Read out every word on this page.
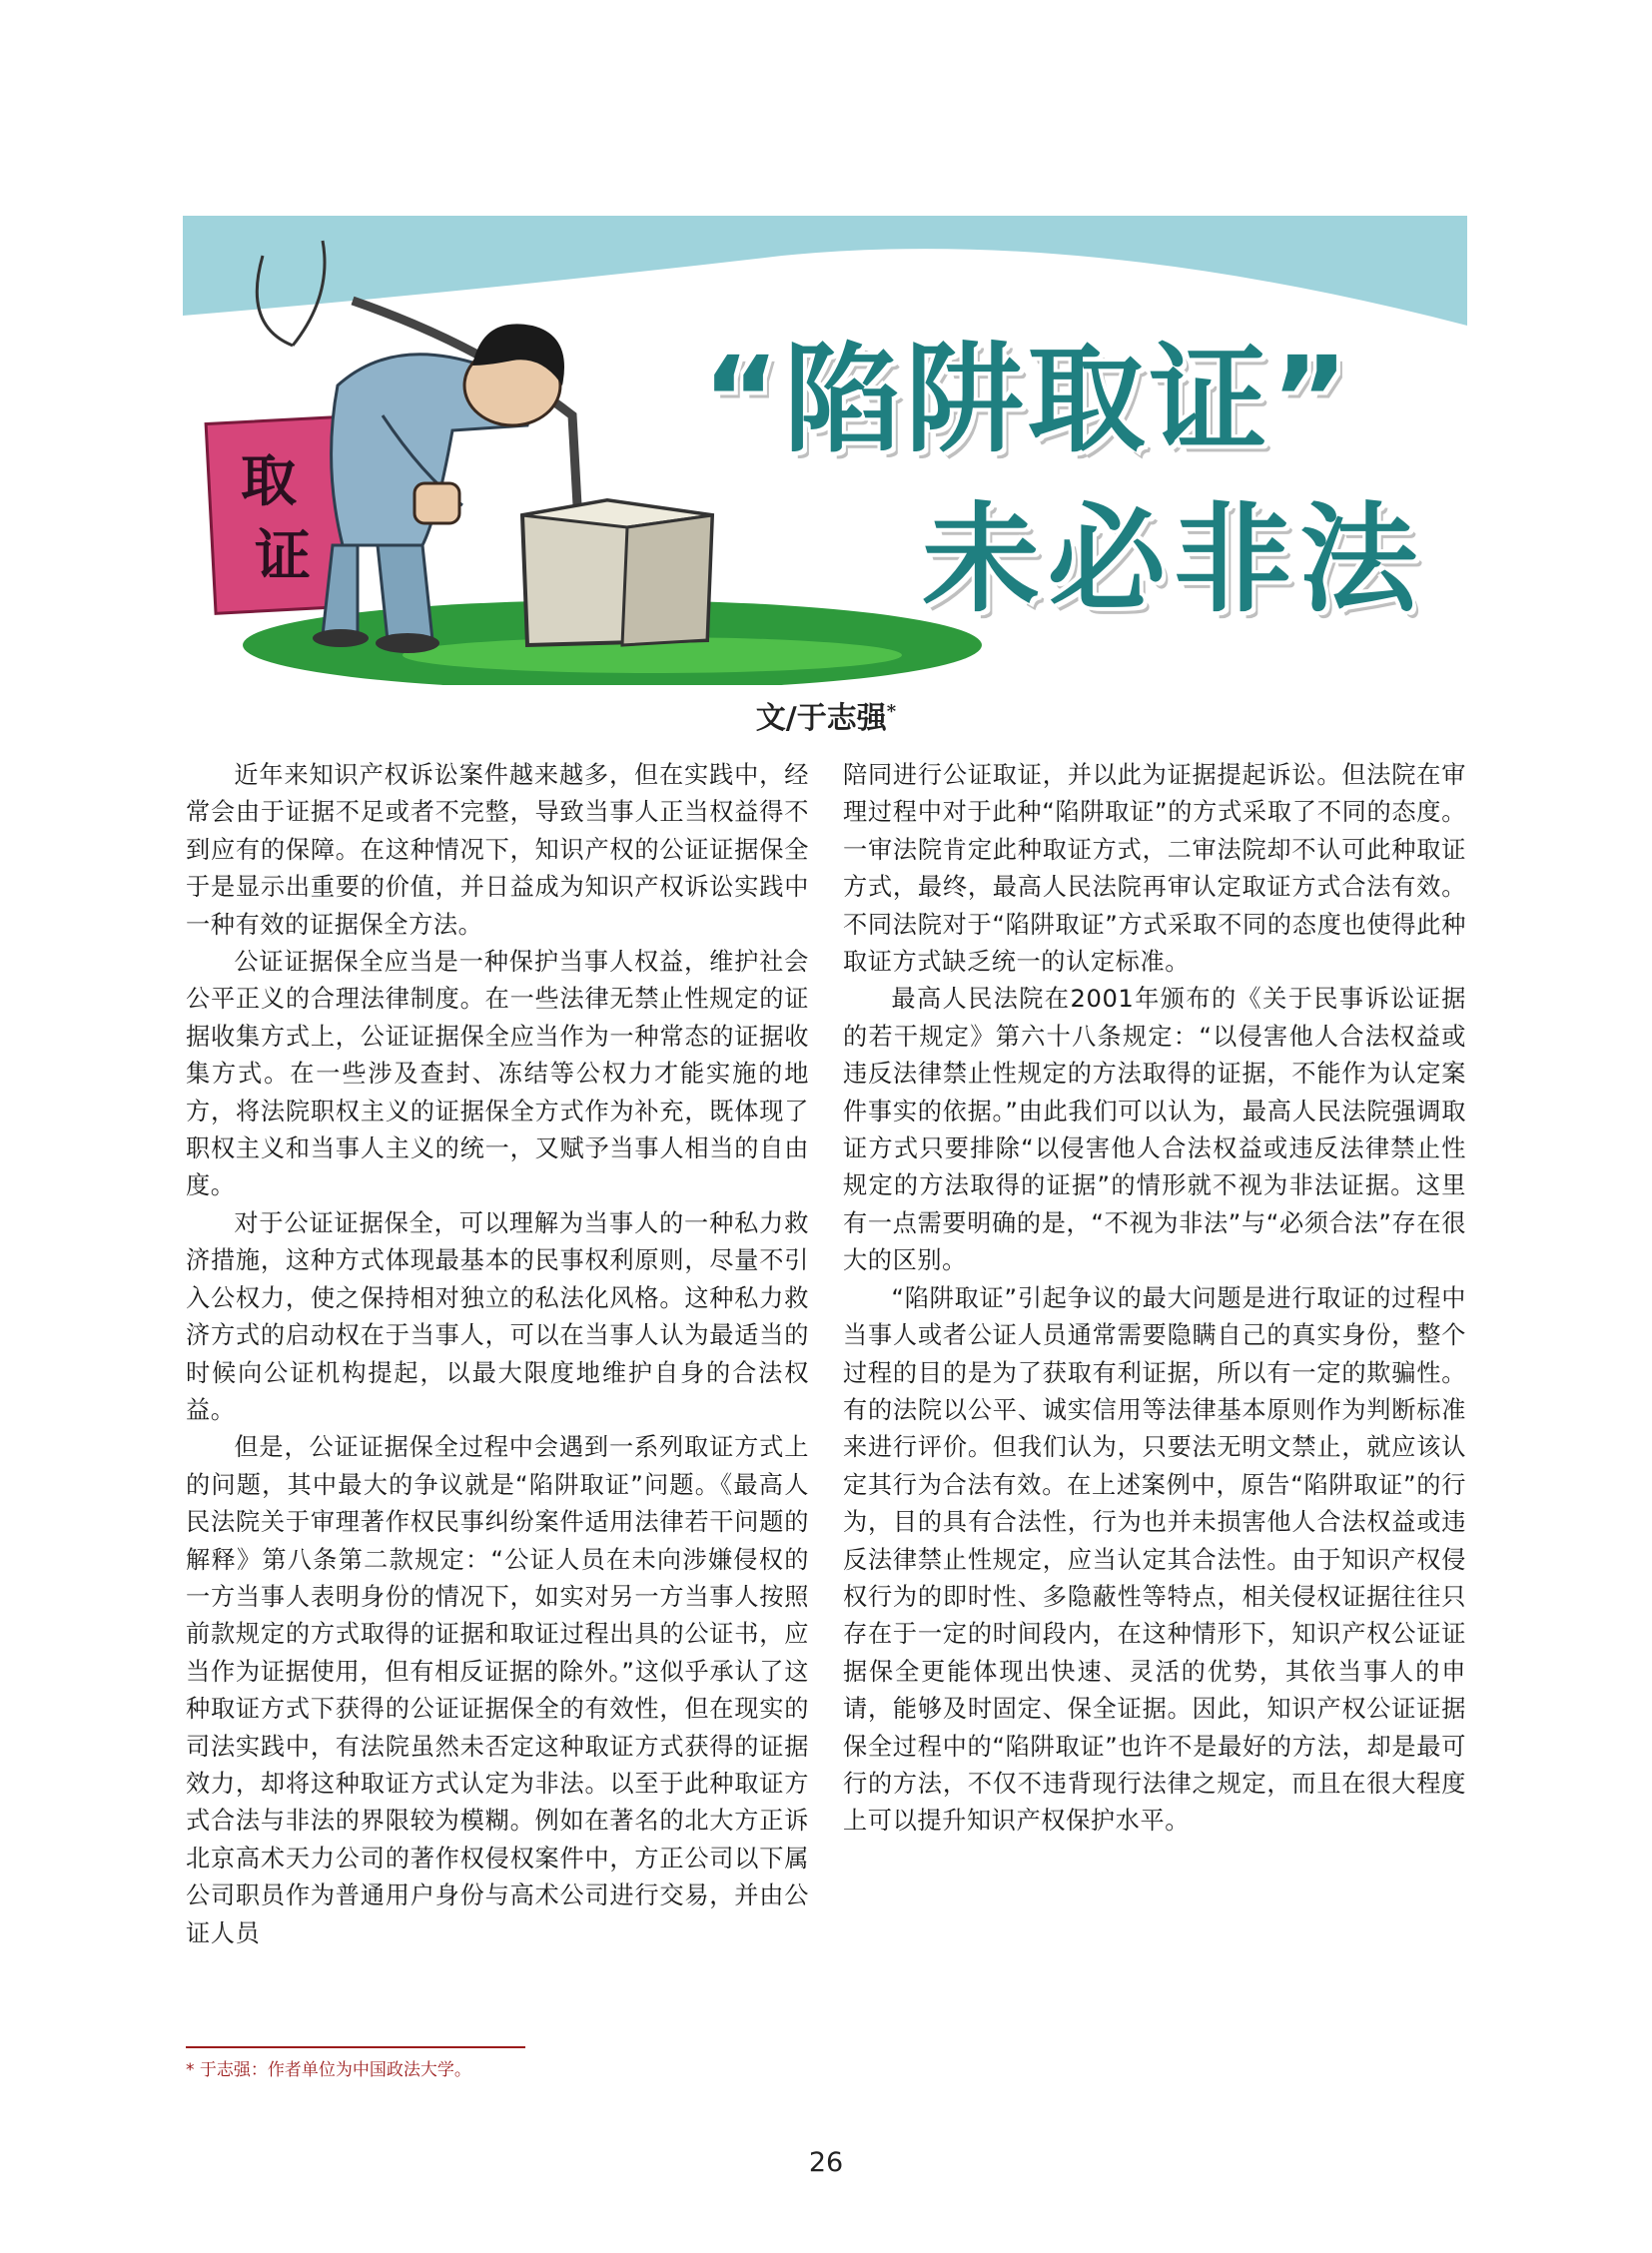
取
证
“陷阱取证”
未必非法
文/于志强*

近年来知识产权诉讼案件越来越多，但在实践中，经常会由于证据不足或者不完整，导致当事人正当权益得不到应有的保障。在这种情况下，知识产权的公证证据保全于是显示出重要的价值，并日益成为知识产权诉讼实践中一种有效的证据保全方法。

公证证据保全应当是一种保护当事人权益，维护社会公平正义的合理法律制度。在一些法律无禁止性规定的证据收集方式上，公证证据保全应当作为一种常态的证据收集方式。在一些涉及查封、冻结等公权力才能实施的地方，将法院职权主义的证据保全方式作为补充，既体现了职权主义和当事人主义的统一，又赋予当事人相当的自由度。

对于公证证据保全，可以理解为当事人的一种私力救济措施，这种方式体现最基本的民事权利原则，尽量不引入公权力，使之保持相对独立的私法化风格。这种私力救济方式的启动权在于当事人，可以在当事人认为最适当的时候向公证机构提起，以最大限度地维护自身的合法权益。

但是，公证证据保全过程中会遇到一系列取证方式上的问题，其中最大的争议就是“陷阱取证”问题。《最高人民法院关于审理著作权民事纠纷案件适用法律若干问题的解释》第八条第二款规定：“公证人员在未向涉嫌侵权的一方当事人表明身份的情况下，如实对另一方当事人按照前款规定的方式取得的证据和取证过程出具的公证书，应当作为证据使用，但有相反证据的除外。”这似乎承认了这种取证方式下获得的公证证据保全的有效性，但在现实的司法实践中，有法院虽然未否定这种取证方式获得的证据效力，却将这种取证方式认定为非法。以至于此种取证方式合法与非法的界限较为模糊。例如在著名的北大方正诉北京高术天力公司的著作权侵权案件中，方正公司以下属公司职员作为普通用户身份与高术公司进行交易，并由公证人员

陪同进行公证取证，并以此为证据提起诉讼。但法院在审理过程中对于此种“陷阱取证”的方式采取了不同的态度。一审法院肯定此种取证方式，二审法院却不认可此种取证方式，最终，最高人民法院再审认定取证方式合法有效。不同法院对于“陷阱取证”方式采取不同的态度也使得此种取证方式缺乏统一的认定标准。

最高人民法院在2001年颁布的《关于民事诉讼证据的若干规定》第六十八条规定：“以侵害他人合法权益或违反法律禁止性规定的方法取得的证据，不能作为认定案件事实的依据。”由此我们可以认为，最高人民法院强调取证方式只要排除“以侵害他人合法权益或违反法律禁止性规定的方法取得的证据”的情形就不视为非法证据。这里有一点需要明确的是，“不视为非法”与“必须合法”存在很大的区别。

“陷阱取证”引起争议的最大问题是进行取证的过程中当事人或者公证人员通常需要隐瞒自己的真实身份，整个过程的目的是为了获取有利证据，所以有一定的欺骗性。有的法院以公平、诚实信用等法律基本原则作为判断标准来进行评价。但我们认为，只要法无明文禁止，就应该认定其行为合法有效。在上述案例中，原告“陷阱取证”的行为，目的具有合法性，行为也并未损害他人合法权益或违反法律禁止性规定，应当认定其合法性。由于知识产权侵权行为的即时性、多隐蔽性等特点，相关侵权证据往往只存在于一定的时间段内，在这种情形下，知识产权公证证据保全更能体现出快速、灵活的优势，其依当事人的申请，能够及时固定、保全证据。因此，知识产权公证证据保全过程中的“陷阱取证”也许不是最好的方法，却是最可行的方法，不仅不违背现行法律之规定，而且在很大程度上可以提升知识产权保护水平。

* 于志强：作者单位为中国政法大学。
26
